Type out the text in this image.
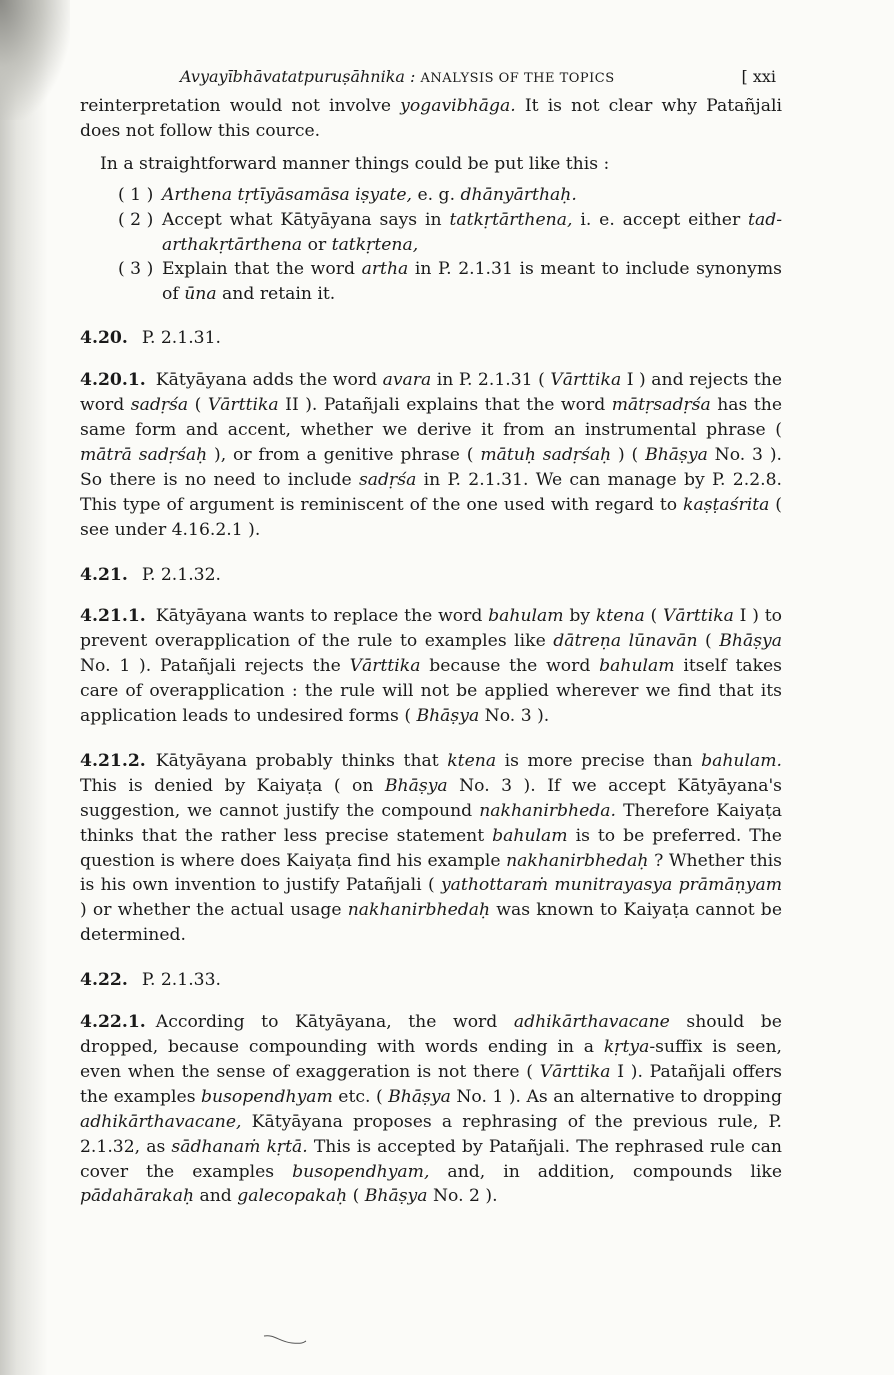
Avyayībhāvatatpuruṣāhnika : ANALYSIS OF THE TOPICS	[ xxi

reinterpretation would not involve yogavibhāga. It is not clear why Patañjali does not follow this cource.

In a straightforward manner things could be put like this :

( 1 ) Arthena tṛtīyāsamāsa iṣyate, e. g. dhānyārthaḥ.
( 2 ) Accept what Kātyāyana says in tatkṛtārthena, i. e. accept either tad-arthakṛtārthena or tatkṛtena,
( 3 ) Explain that the word artha in P. 2.1.31 is meant to include synonyms of ūna and retain it.
4.20. P. 2.1.31.

4.20.1. Kātyāyana adds the word avara in P. 2.1.31 ( Vārttika I ) and rejects the word sadṛśa ( Vārttika II ). Patañjali explains that the word mātṛsadṛśa has the same form and accent, whether we derive it from an instrumental phrase ( mātrā sadṛśaḥ ), or from a genitive phrase ( mātuḥ sadṛśaḥ ) ( Bhāṣya No. 3 ). So there is no need to include sadṛśa in P. 2.1.31. We can manage by P. 2.2.8. This type of argument is reminiscent of the one used with regard to kaṣṭaśrita ( see under 4.16.2.1 ).

4.21. P. 2.1.32.

4.21.1. Kātyāyana wants to replace the word bahulam by ktena ( Vārttika I ) to prevent overapplication of the rule to examples like dātreṇa lūnavān ( Bhāṣya No. 1 ). Patañjali rejects the Vārttika because the word bahulam itself takes care of overapplication : the rule will not be applied wherever we find that its application leads to undesired forms ( Bhāṣya No. 3 ).

4.21.2. Kātyāyana probably thinks that ktena is more precise than bahulam. This is denied by Kaiyaṭa ( on Bhāṣya No. 3 ). If we accept Kātyāyana's suggestion, we cannot justify the compound nakhanirbheda. Therefore Kaiyaṭa thinks that the rather less precise statement bahulam is to be preferred. The question is where does Kaiyaṭa find his example nakhanirbhedaḥ ? Whether this is his own invention to justify Patañjali ( yathottaraṁ munitrayasya prāmāṇyam ) or whether the actual usage nakhanirbhedaḥ was known to Kaiyaṭa cannot be determined.

4.22. P. 2.1.33.

4.22.1. According to Kātyāyana, the word adhikārthavacane should be dropped, because compounding with words ending in a kṛtya-suffix is seen, even when the sense of exaggeration is not there ( Vārttika I ). Patañjali offers the examples busopendhyam etc. ( Bhāṣya No. 1 ). As an alternative to dropping adhikārthavacane, Kātyāyana proposes a rephrasing of the previous rule, P. 2.1.32, as sādhanaṁ kṛtā. This is accepted by Patañjali. The rephrased rule can cover the examples busopendhyam, and, in addition, compounds like pādahārakaḥ and galecopakaḥ ( Bhāṣya No. 2 ).
